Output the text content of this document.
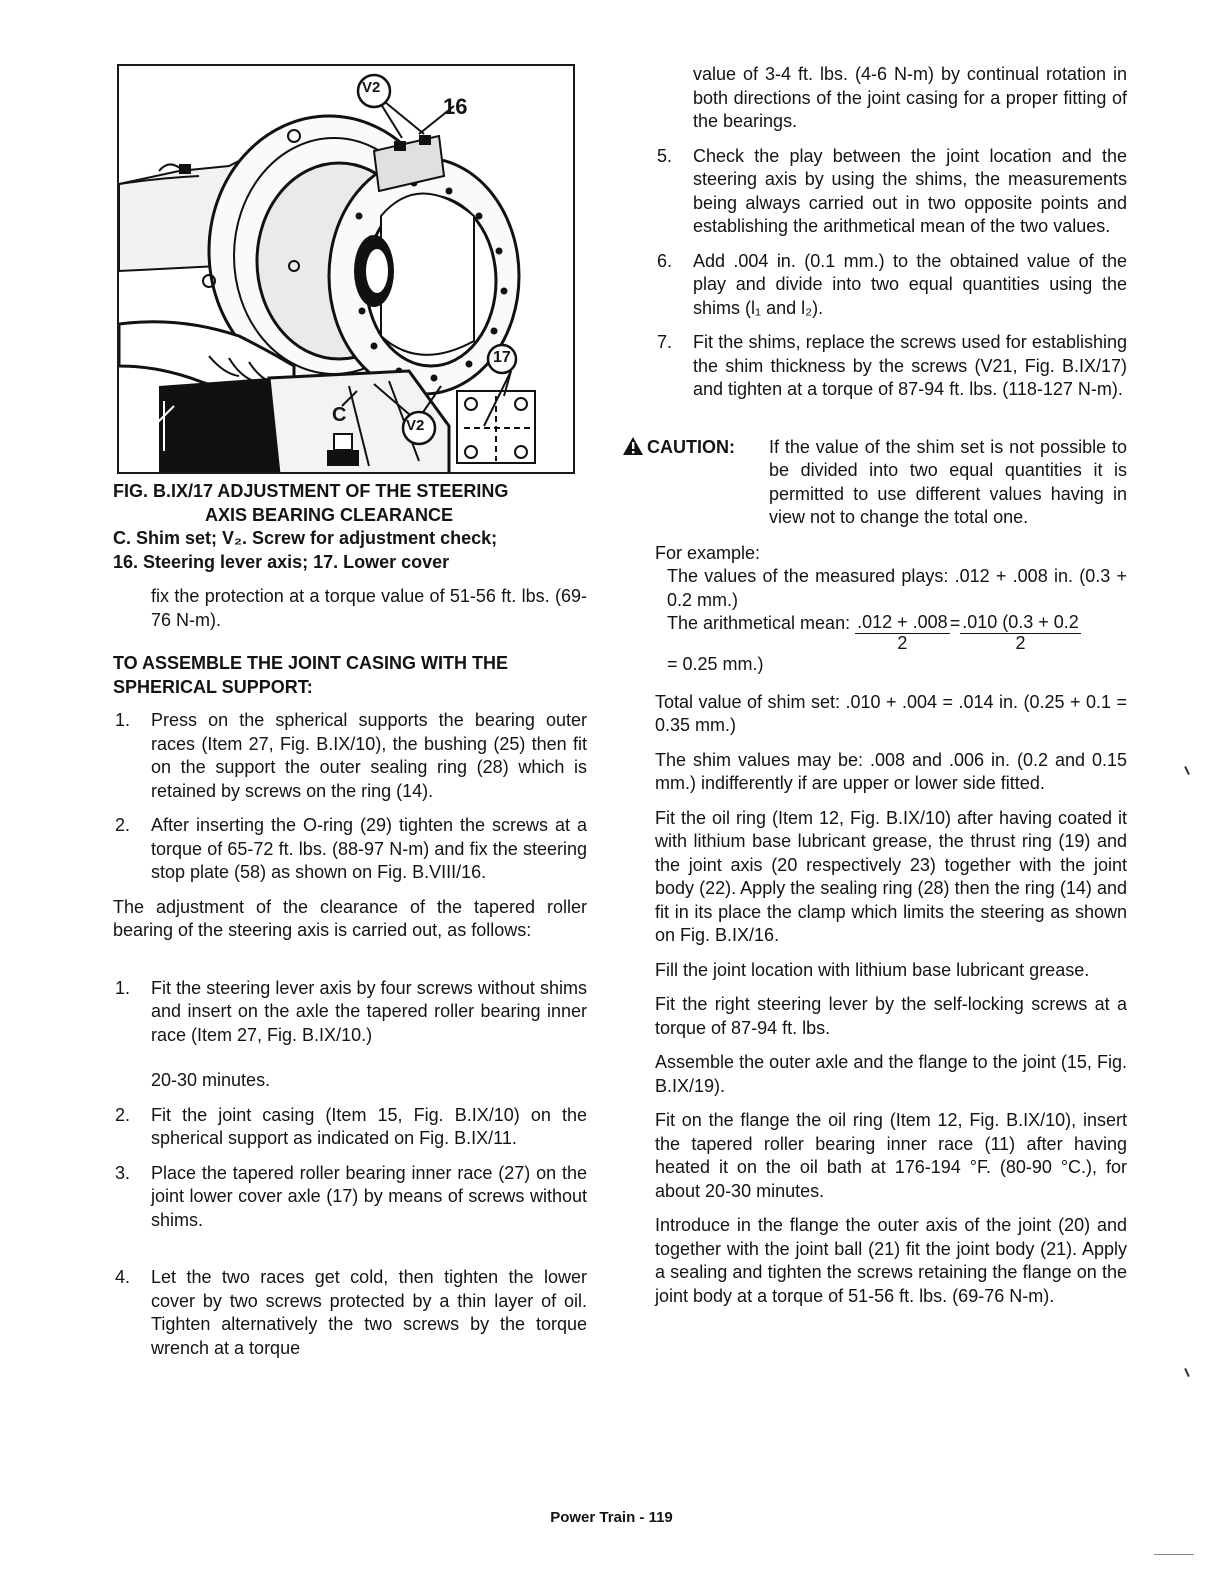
V2
16
17
C	V2

FIG. B.IX/17 ADJUSTMENT OF THE STEERING
AXIS BEARING CLEARANCE

C. Shim set; V₂. Screw for adjustment check;
16. Steering lever axis; 17. Lower cover

fix the protection at a torque value of 51-56 ft. lbs. (69-76 N-m).

TO ASSEMBLE THE JOINT CASING WITH THE SPHERICAL SUPPORT:

1. Press on the spherical supports the bearing outer races (Item 27, Fig. B.IX/10), the bushing (25) then fit on the support the outer sealing ring (28) which is retained by screws on the ring (14).
2. After inserting the O-ring (29) tighten the screws at a torque of 65-72 ft. lbs. (88-97 N-m) and fix the steering stop plate (58) as shown on Fig. B.VIII/16.

The adjustment of the clearance of the tapered roller bearing of the steering axis is carried out, as follows:

1. Fit the steering lever axis by four screws without shims and insert on the axle the tapered roller bearing inner race (Item 27, Fig. B.IX/10.)

20-30 minutes.

2. Fit the joint casing (Item 15, Fig. B.IX/10) on the spherical support as indicated on Fig. B.IX/11.
3. Place the tapered roller bearing inner race (27) on the joint lower cover axle (17) by means of screws without shims.
4. Let the two races get cold, then tighten the lower cover by two screws protected by a thin layer of oil. Tighten alternatively the two screws by the torque wrench at a torque

value of 3-4 ft. lbs. (4-6 N-m) by continual rotation in both directions of the joint casing for a proper fitting of the bearings.

5. Check the play between the joint location and the steering axis by using the shims, the measurements being always carried out in two opposite points and establishing the arithmetical mean of the two values.
6. Add .004 in. (0.1 mm.) to the obtained value of the play and divide into two equal quantities using the shims (l₁ and l₂).
7. Fit the shims, replace the screws used for establishing the shim thickness by the screws (V21, Fig. B.IX/17) and tighten at a torque of 87-94 ft. lbs. (118-127 N-m).
CAUTION: If the value of the shim set is not possible to be divided into two equal quantities it is permitted to use different values having in view not to change the total one.

For example:

The values of the measured plays: .012 + .008 in. (0.3 + 0.2 mm.)

The arithmetical mean: $\frac{.012 + .008}{2} = \frac{.010 (0.3 + 0.2}{2}$

= 0.25 mm.)

Total value of shim set: .010 + .004 = .014 in. (0.25 + 0.1 = 0.35 mm.)

The shim values may be: .008 and .006 in. (0.2 and 0.15 mm.) indifferently if are upper or lower side fitted.

Fit the oil ring (Item 12, Fig. B.IX/10) after having coated it with lithium base lubricant grease, the thrust ring (19) and the joint axis (20 respectively 23) together with the joint body (22). Apply the sealing ring (28) then the ring (14) and fit in its place the clamp which limits the steering as shown on Fig. B.IX/16.

Fill the joint location with lithium base lubricant grease.

Fit the right steering lever by the self-locking screws at a torque of 87-94 ft. lbs.

Assemble the outer axle and the flange to the joint (15, Fig. B.IX/19).

Fit on the flange the oil ring (Item 12, Fig. B.IX/10), insert the tapered roller bearing inner race (11) after having heated it on the oil bath at 176-194 °F. (80-90 °C.), for about 20-30 minutes.

Introduce in the flange the outer axis of the joint (20) and together with the joint ball (21) fit the joint body (21). Apply a sealing and tighten the screws retaining the flange on the joint body at a torque of 51-56 ft. lbs. (69-76 N-m).

Power Train - 119
